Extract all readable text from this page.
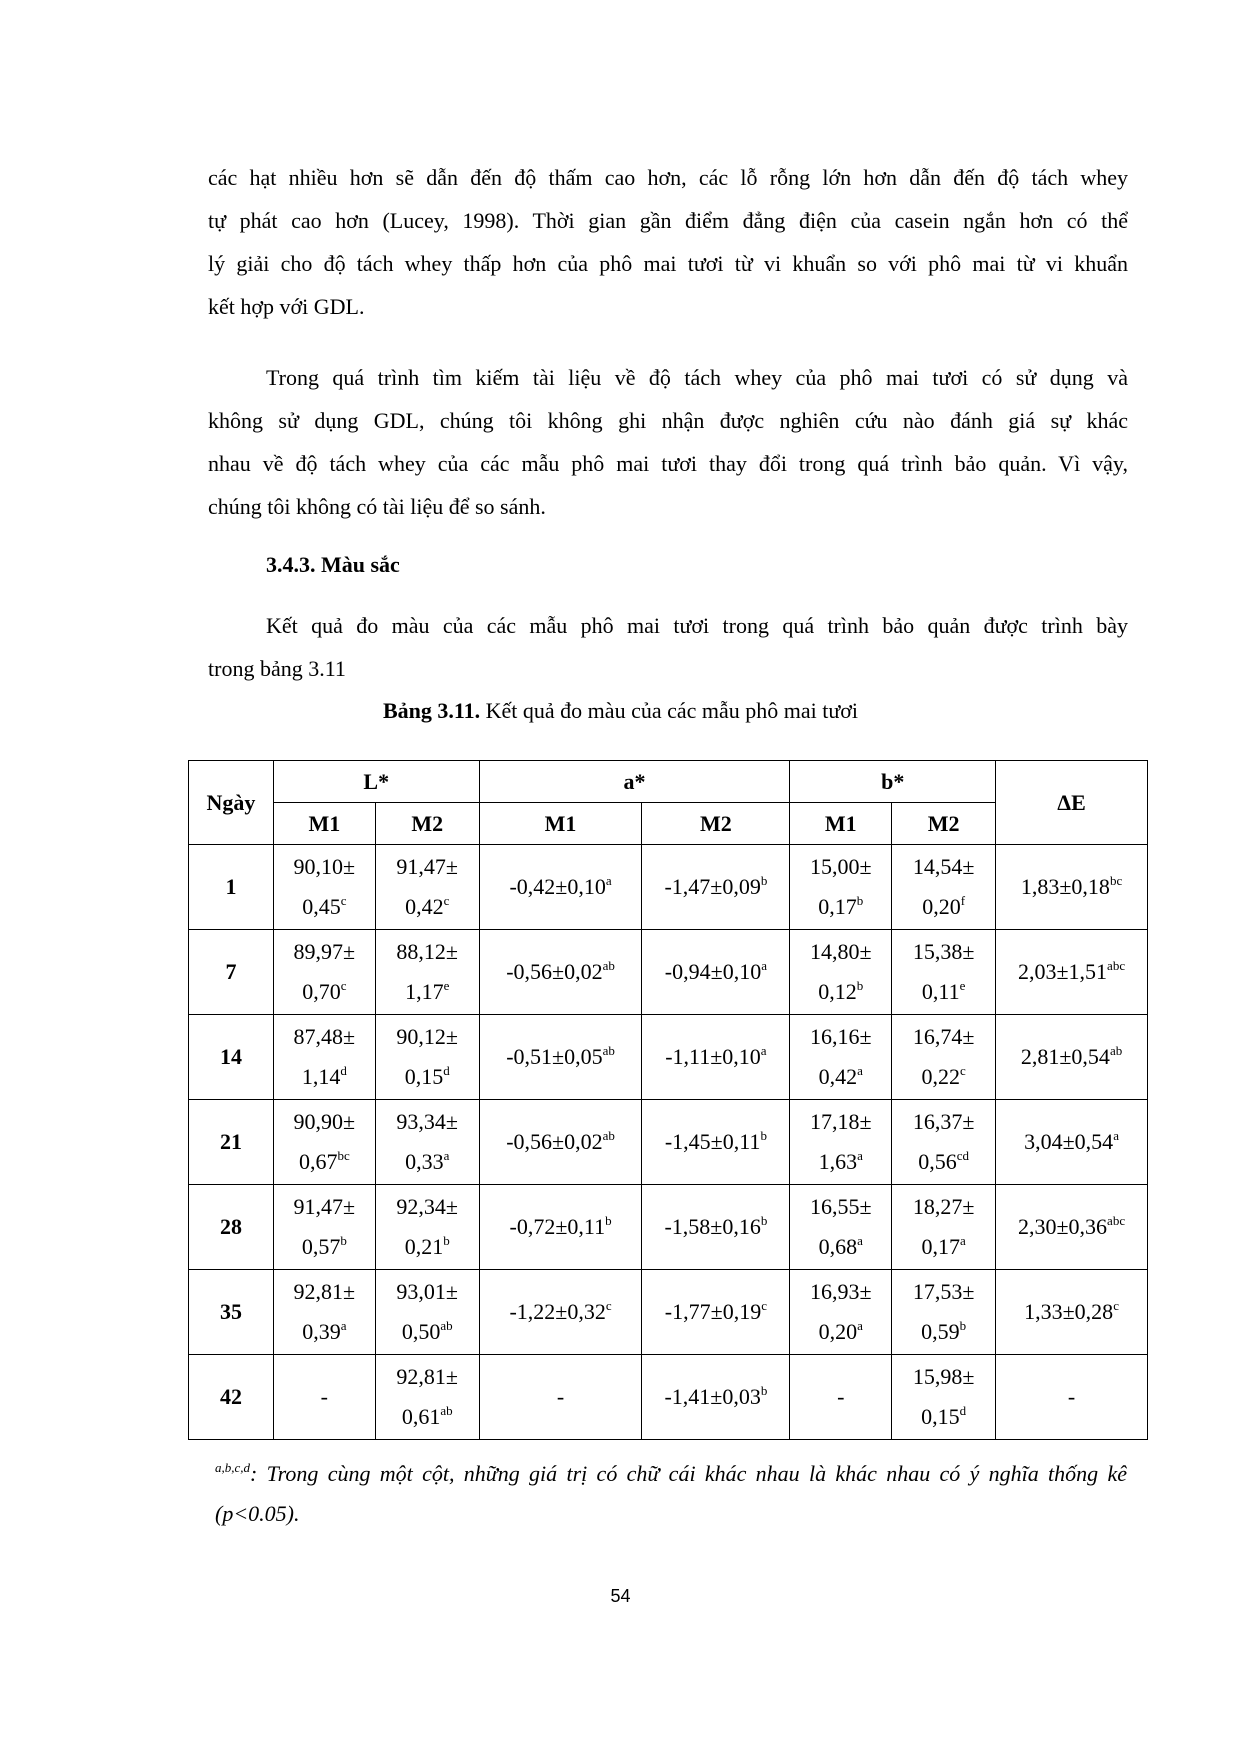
các hạt nhiều hơn sẽ dẫn đến độ thấm cao hơn, các lỗ rỗng lớn hơn dẫn đến độ tách whey
tự phát cao hơn (Lucey, 1998). Thời gian gần điểm đẳng điện của casein ngắn hơn có thể
lý giải cho độ tách whey thấp hơn của phô mai tươi từ vi khuẩn so với phô mai từ vi khuẩn
kết hợp với GDL.
Trong quá trình tìm kiếm tài liệu về độ tách whey của phô mai tươi có sử dụng và
không sử dụng GDL, chúng tôi không ghi nhận được nghiên cứu nào đánh giá sự khác
nhau về độ tách whey của các mẫu phô mai tươi thay đổi trong quá trình bảo quản. Vì vậy,
chúng tôi không có tài liệu để so sánh.

3.4.3. Màu sắc

Kết quả đo màu của các mẫu phô mai tươi trong quá trình bảo quản được trình bày
trong bảng 3.11

Bảng 3.11. Kết quả đo màu của các mẫu phô mai tươi

Ngày	L*		a*		b*		ΔE
	M1	M2	M1	M2	M1	M2	
1	90,10±
0,45$^c$	91,47±
0,42$^c$	-0,42±0,10$^a$	-1,47±0,09$^b$	15,00±
0,17$^b$	14,54±
0,20$^f$	1,83±0,18$^{bc}$
7	89,97±
0,70$^c$	88,12±
1,17$^e$	-0,56±0,02$^{ab}$	-0,94±0,10$^a$	14,80±
0,12$^b$	15,38±
0,11$^e$	2,03±1,51$^{abc}$
14	87,48±
1,14$^d$	90,12±
0,15$^d$	-0,51±0,05$^{ab}$	-1,11±0,10$^a$	16,16±
0,42$^a$	16,74±
0,22$^c$	2,81±0,54$^{ab}$
21	90,90±
0,67$^{bc}$	93,34±
0,33$^a$	-0,56±0,02$^{ab}$	-1,45±0,11$^b$	17,18±
1,63$^a$	16,37±
0,56$^{cd}$	3,04±0,54$^a$
28	91,47±
0,57$^b$	92,34±
0,21$^b$	-0,72±0,11$^b$	-1,58±0,16$^b$	16,55±
0,68$^a$	18,27±
0,17$^a$	2,30±0,36$^{abc}$
35	92,81±
0,39$^a$	93,01±
0,50$^{ab}$	-1,22±0,32$^c$	-1,77±0,19$^c$	16,93±
0,20$^a$	17,53±
0,59$^b$	1,33±0,28$^c$
42	-	92,81±
0,61$^{ab}$	-	-1,41±0,03$^b$	-	15,98±
0,15$^d$	-

$^{a,b,c,d}$: Trong cùng một cột, những giá trị có chữ cái khác nhau là khác nhau có ý nghĩa thống kê (p<0.05).

54
